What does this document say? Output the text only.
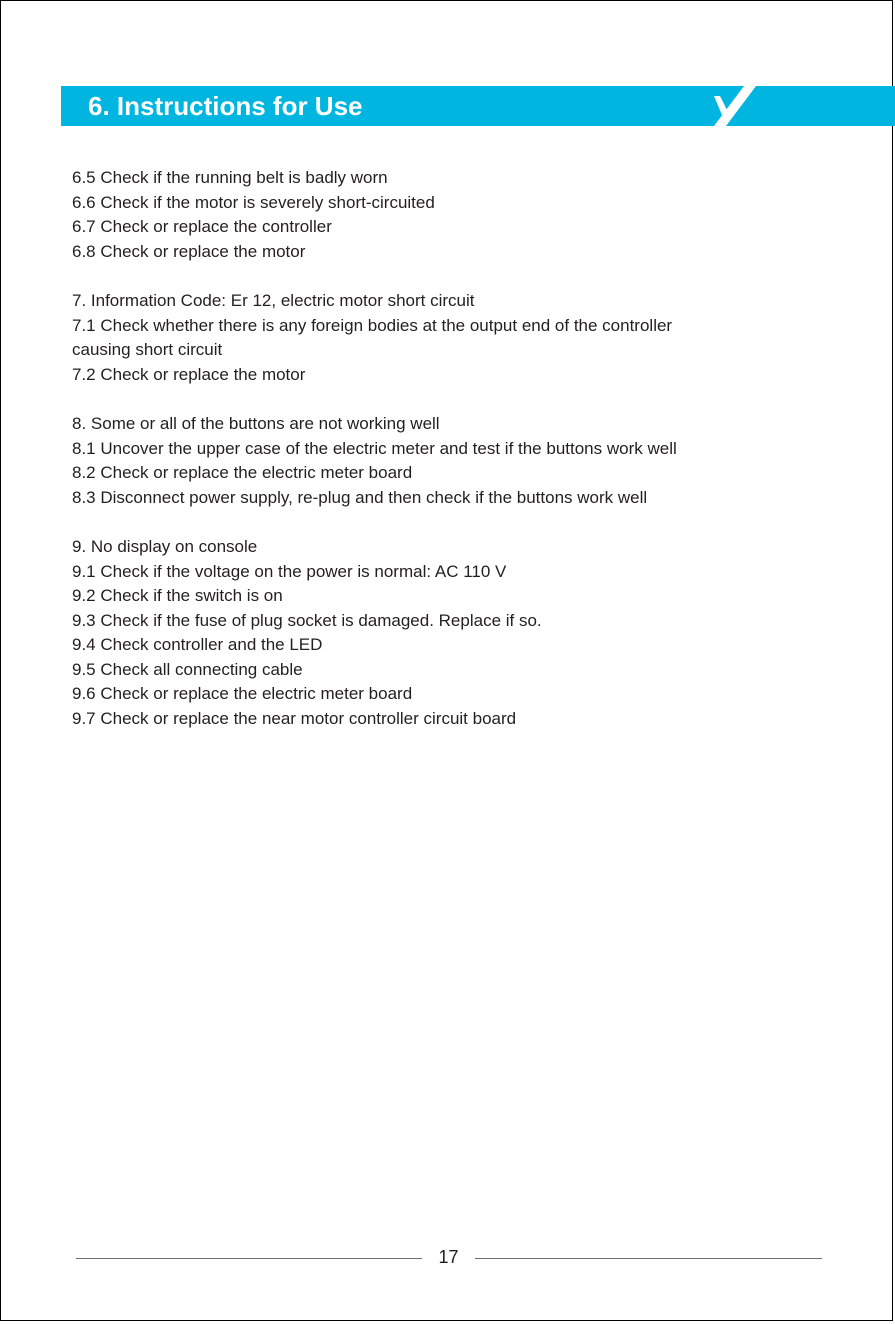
6. Instructions for Use
6.5 Check if the running belt is badly worn
6.6 Check if the motor is severely short-circuited
6.7 Check or replace the controller
6.8 Check or replace the motor
7. Information Code: Er 12, electric motor short circuit
7.1 Check whether there is any foreign bodies at the output end of the controller
causing short circuit
7.2 Check or replace the motor
8. Some or all of the buttons are not working well
8.1 Uncover the upper case of the electric meter and test if the buttons work well
8.2 Check or replace the electric meter board
8.3 Disconnect power supply, re-plug and then check if the buttons work well
9. No display on console
9.1 Check if the voltage on the power is normal: AC 110 V
9.2 Check if the switch is on
9.3 Check if the fuse of plug socket is damaged. Replace if so.
9.4 Check controller and the LED
9.5 Check all connecting cable
9.6 Check or replace the electric meter board
9.7 Check or replace the near motor controller circuit board
17
